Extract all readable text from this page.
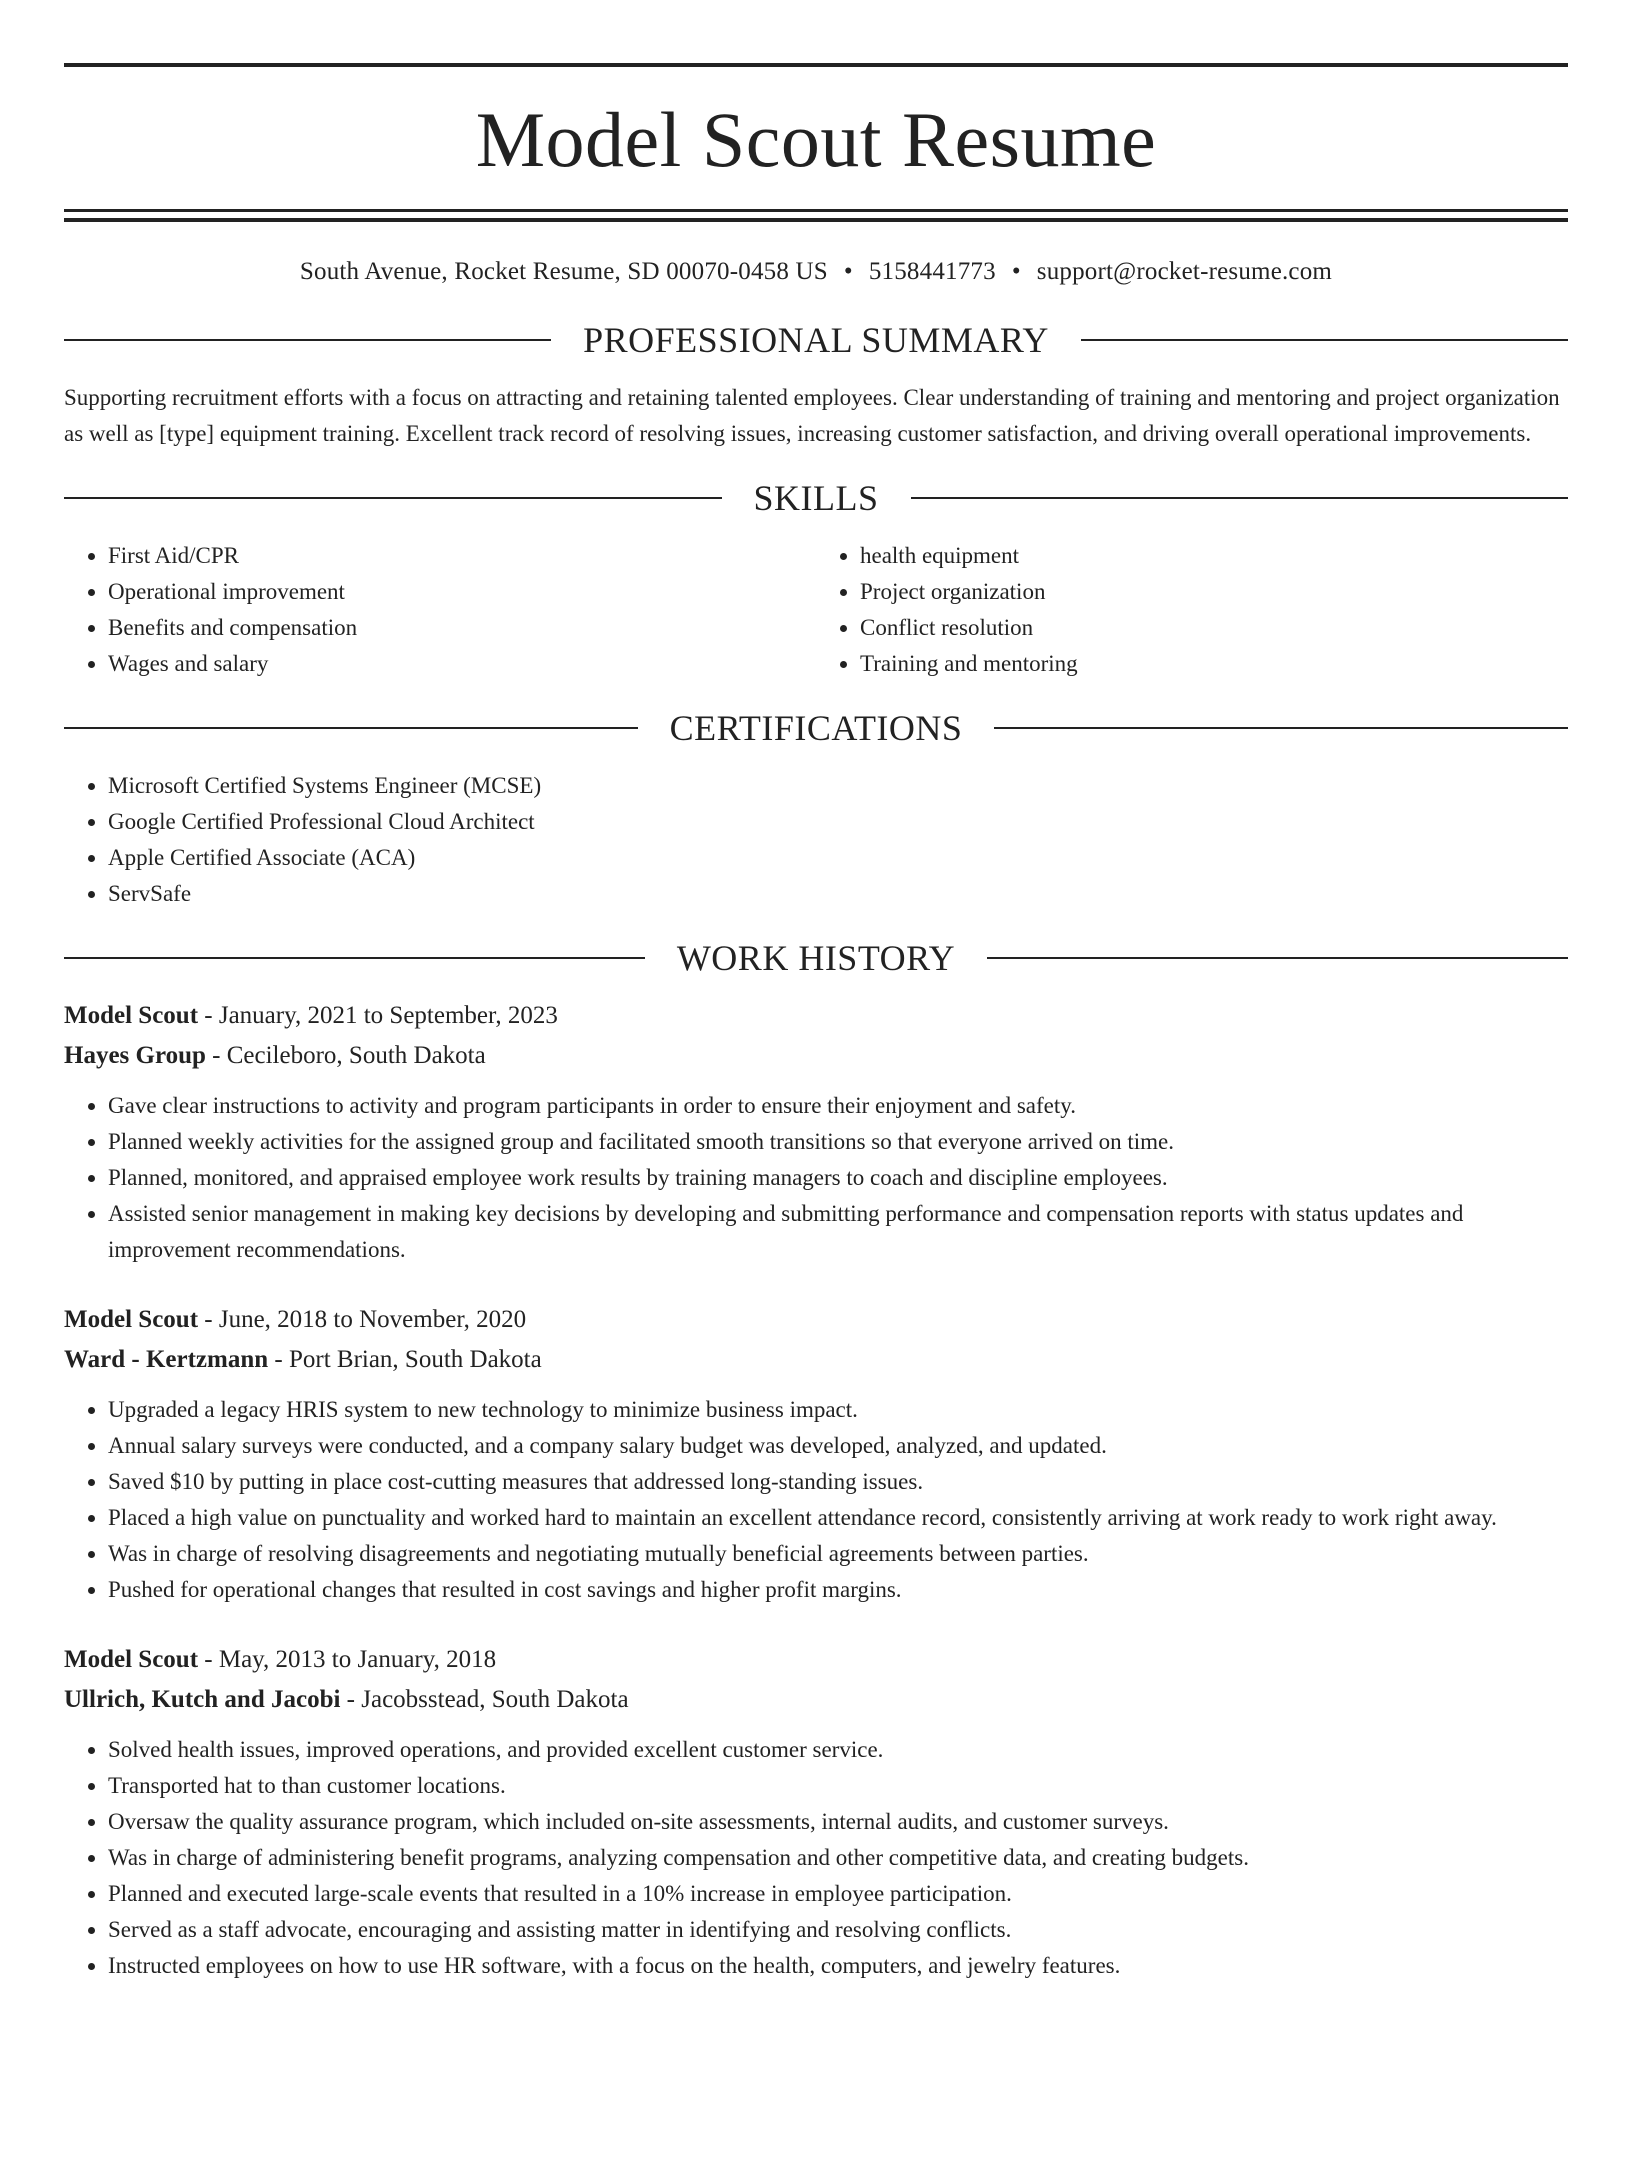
Model Scout Resume
South Avenue, Rocket Resume, SD 00070-0458 US • 5158441773 • support@rocket-resume.com
PROFESSIONAL SUMMARY
Supporting recruitment efforts with a focus on attracting and retaining talented employees. Clear understanding of training and mentoring and project organization as well as [type] equipment training. Excellent track record of resolving issues, increasing customer satisfaction, and driving overall operational improvements.
SKILLS
• First Aid/CPR
• Operational improvement
• Benefits and compensation
• Wages and salary
• health equipment
• Project organization
• Conflict resolution
• Training and mentoring
CERTIFICATIONS
• Microsoft Certified Systems Engineer (MCSE)
• Google Certified Professional Cloud Architect
• Apple Certified Associate (ACA)
• ServSafe
WORK HISTORY
Model Scout - January, 2021 to September, 2023
Hayes Group - Cecileboro, South Dakota
• Gave clear instructions to activity and program participants in order to ensure their enjoyment and safety.
• Planned weekly activities for the assigned group and facilitated smooth transitions so that everyone arrived on time.
• Planned, monitored, and appraised employee work results by training managers to coach and discipline employees.
• Assisted senior management in making key decisions by developing and submitting performance and compensation reports with status updates and improvement recommendations.
Model Scout - June, 2018 to November, 2020
Ward - Kertzmann - Port Brian, South Dakota
• Upgraded a legacy HRIS system to new technology to minimize business impact.
• Annual salary surveys were conducted, and a company salary budget was developed, analyzed, and updated.
• Saved $10 by putting in place cost-cutting measures that addressed long-standing issues.
• Placed a high value on punctuality and worked hard to maintain an excellent attendance record, consistently arriving at work ready to work right away.
• Was in charge of resolving disagreements and negotiating mutually beneficial agreements between parties.
• Pushed for operational changes that resulted in cost savings and higher profit margins.
Model Scout - May, 2013 to January, 2018
Ullrich, Kutch and Jacobi - Jacobsstead, South Dakota
• Solved health issues, improved operations, and provided excellent customer service.
• Transported hat to than customer locations.
• Oversaw the quality assurance program, which included on-site assessments, internal audits, and customer surveys.
• Was in charge of administering benefit programs, analyzing compensation and other competitive data, and creating budgets.
• Planned and executed large-scale events that resulted in a 10% increase in employee participation.
• Served as a staff advocate, encouraging and assisting matter in identifying and resolving conflicts.
• Instructed employees on how to use HR software, with a focus on the health, computers, and jewelry features.
